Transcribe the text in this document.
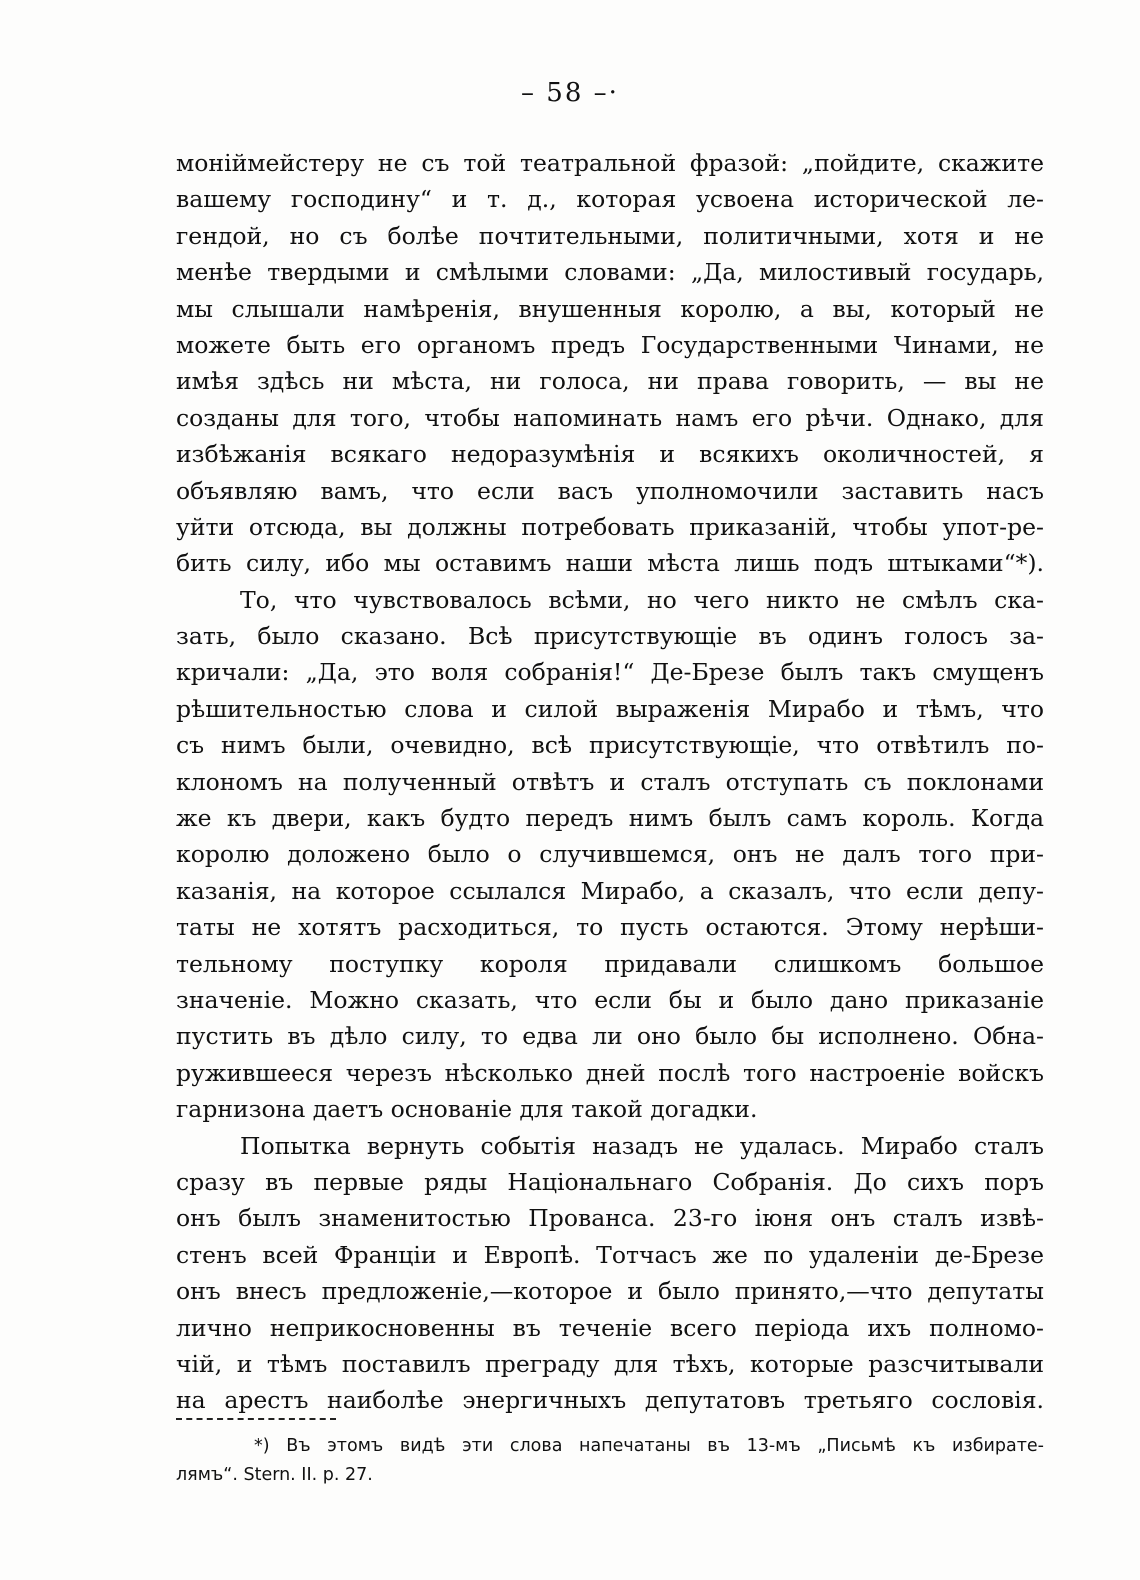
– 58 –·
монiймейстеру не съ той театральной фразой: „пойдите, скажите
вашему господину“ и т. д., которая усвоена исторической ле-
гендой, но съ болѣе почтительными, политичными, хотя и не
менѣе твердыми и смѣлыми словами: „Да, милостивый государь,
мы слышали намѣренiя, внушенныя королю, а вы, который не
можете быть его органомъ предъ Государственными Чинами, не
имѣя здѣсь ни мѣста, ни голоса, ни права говорить, — вы не
созданы для того, чтобы напоминать намъ его рѣчи. Однако, для
избѣжанiя всякаго недоразумѣнiя и всякихъ околичностей, я
объявляю вамъ, что если васъ уполномочили заставить насъ
уйти отсюда, вы должны потребовать приказанiй, чтобы упот-ре-
бить силу, ибо мы оставимъ наши мѣста лишь подъ штыками“*).
То, что чувствовалось всѣми, но чего никто не смѣлъ ска-
зать, было сказано. Всѣ присутствующiе въ одинъ голосъ за-
кричали: „Да, это воля собранiя!“ Де-Брезе былъ такъ смущенъ
рѣшительностью слова и силой выраженiя Мирабо и тѣмъ, что
съ нимъ были, очевидно, всѣ присутствующiе, что отвѣтилъ по-
клономъ на полученный отвѣтъ и сталъ отступать съ поклонами
же къ двери, какъ будто передъ нимъ былъ самъ король. Когда
королю доложено было о случившемся, онъ не далъ того при-
казанiя, на которое ссылался Мирабо, а сказалъ, что если депу-
таты не хотятъ расходиться, то пусть остаются. Этому нерѣши-
тельному поступку короля придавали слишкомъ большое
значенiе. Можно сказать, что если бы и было дано приказанiе
пустить въ дѣло силу, то едва ли оно было бы исполнено. Обна-
ружившееся черезъ нѣсколько дней послѣ того настроенiе войскъ
гарнизона даетъ основанiе для такой догадки.
Попытка вернуть событiя назадъ не удалась. Мирабо сталъ
сразу въ первые ряды Нацiональнаго Собранiя. До сихъ поръ
онъ былъ знаменитостью Прованса. 23-го iюня онъ сталъ извѣ-
стенъ всей Францiи и Европѣ. Тотчасъ же по удаленiи де-Брезе
онъ внесъ предложенiе,—которое и было принято,—что депутаты
лично неприкосновенны въ теченiе всего перiода ихъ полномо-
чiй, и тѣмъ поставилъ преграду для тѣхъ, которые разсчитывали
на арестъ наиболѣе энергичныхъ депутатовъ третьяго сословiя.
*) Въ этомъ видѣ эти слова напечатаны въ 13-мъ „Письмѣ къ избирате-
лямъ“. Stern. II. p. 27.
